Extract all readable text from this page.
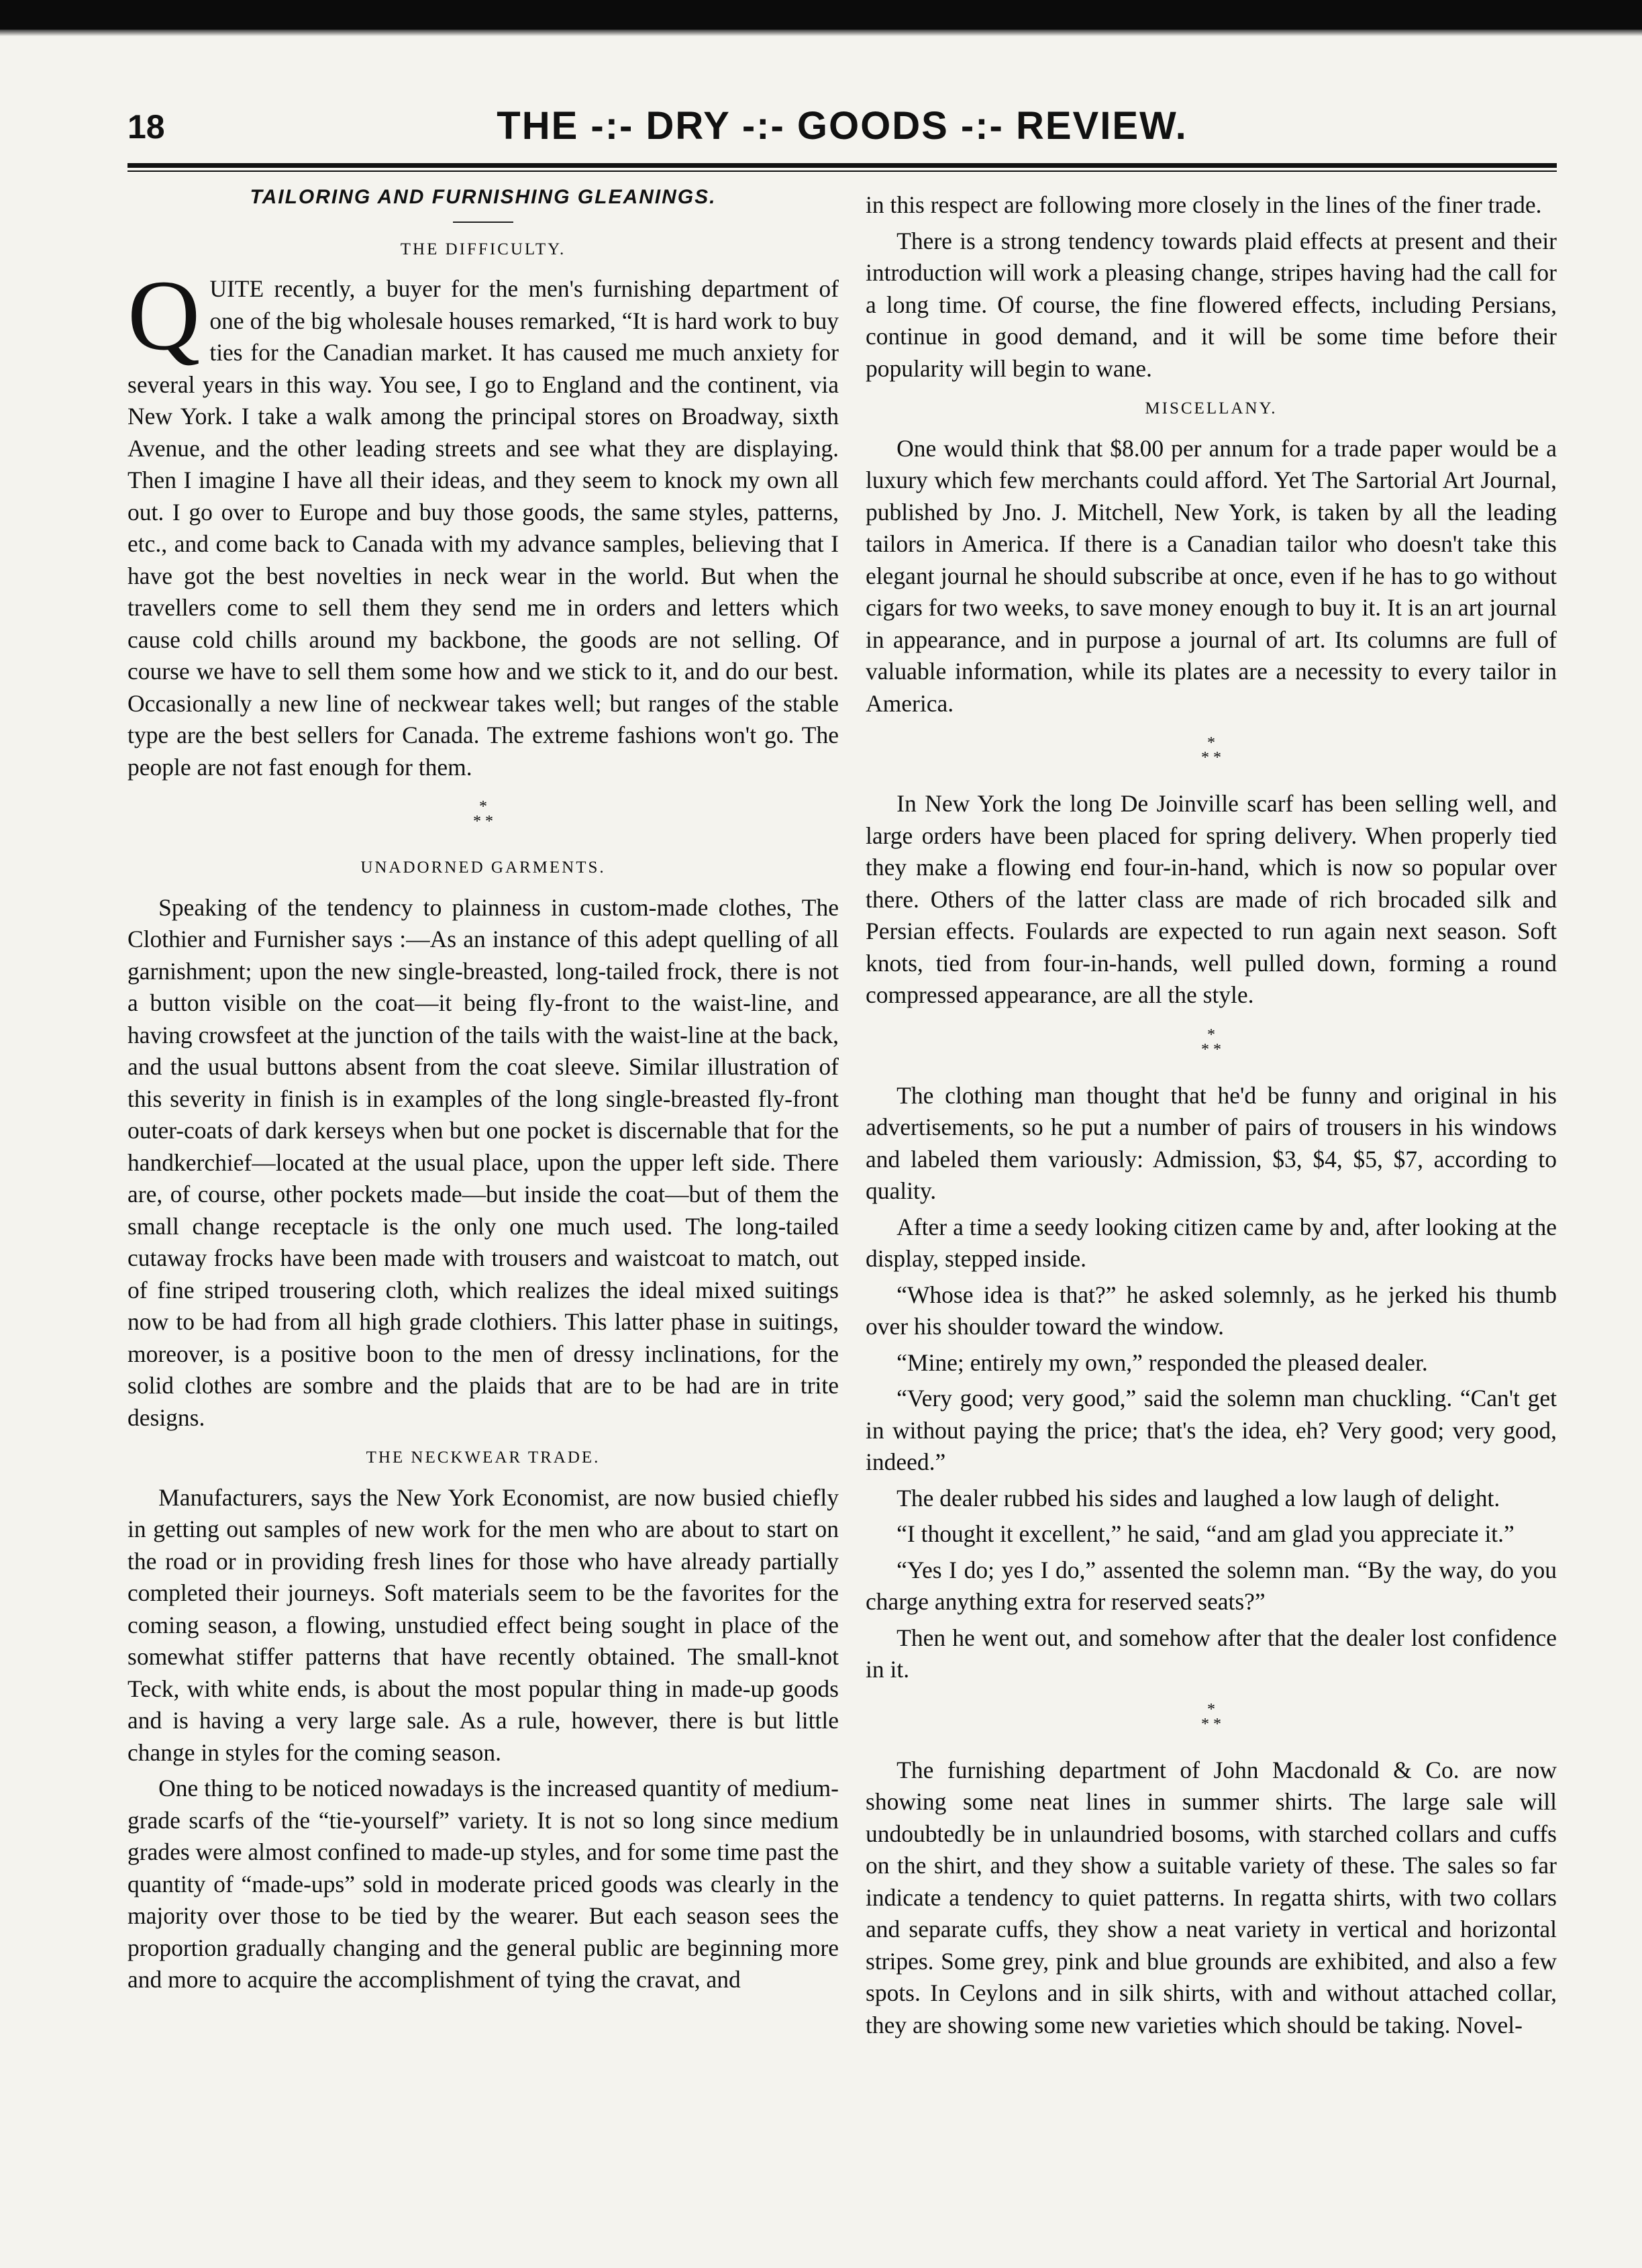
18	THE -:- DRY -:- GOODS -:- REVIEW.
TAILORING AND FURNISHING GLEANINGS.
THE DIFFICULTY.

QUITE recently, a buyer for the men's furnishing department of one of the big wholesale houses remarked, “It is hard work to buy ties for the Canadian market. It has caused me much anxiety for several years in this way. You see, I go to England and the continent, via New York. I take a walk among the principal stores on Broadway, sixth Avenue, and the other leading streets and see what they are displaying. Then I imagine I have all their ideas, and they seem to knock my own all out. I go over to Europe and buy those goods, the same styles, patterns, etc., and come back to Canada with my advance samples, believing that I have got the best novelties in neck wear in the world. But when the travellers come to sell them they send me in orders and letters which cause cold chills around my backbone, the goods are not selling. Of course we have to sell them some how and we stick to it, and do our best. Occasionally a new line of neckwear takes well; but ranges of the stable type are the best sellers for Canada. The extreme fashions won't go. The people are not fast enough for them.

*
* *
UNADORNED GARMENTS.

Speaking of the tendency to plainness in custom-made clothes, The Clothier and Furnisher says :—As an instance of this adept quelling of all garnishment; upon the new single-breasted, long-tailed frock, there is not a button visible on the coat—it being fly-front to the waist-line, and having crowsfeet at the junction of the tails with the waist-line at the back, and the usual buttons absent from the coat sleeve. Similar illustration of this severity in finish is in examples of the long single-breasted fly-front outer-coats of dark kerseys when but one pocket is discernable that for the handkerchief—located at the usual place, upon the upper left side. There are, of course, other pockets made—but inside the coat—but of them the small change receptacle is the only one much used. The long-tailed cutaway frocks have been made with trousers and waistcoat to match, out of fine striped trousering cloth, which realizes the ideal mixed suitings now to be had from all high grade clothiers. This latter phase in suitings, moreover, is a positive boon to the men of dressy inclinations, for the solid clothes are sombre and the plaids that are to be had are in trite designs.

THE NECKWEAR TRADE.

Manufacturers, says the New York Economist, are now busied chiefly in getting out samples of new work for the men who are about to start on the road or in providing fresh lines for those who have already partially completed their journeys. Soft materials seem to be the favorites for the coming season, a flowing, unstudied effect being sought in place of the somewhat stiffer patterns that have recently obtained. The small-knot Teck, with white ends, is about the most popular thing in made-up goods and is having a very large sale. As a rule, however, there is but little change in styles for the coming season.

One thing to be noticed nowadays is the increased quantity of medium-grade scarfs of the “tie-yourself” variety. It is not so long since medium grades were almost confined to made-up styles, and for some time past the quantity of “made-ups” sold in moderate priced goods was clearly in the majority over those to be tied by the wearer. But each season sees the proportion gradually changing and the general public are beginning more and more to acquire the accomplishment of tying the cravat, and

in this respect are following more closely in the lines of the finer trade.

There is a strong tendency towards plaid effects at present and their introduction will work a pleasing change, stripes having had the call for a long time. Of course, the fine flowered effects, including Persians, continue in good demand, and it will be some time before their popularity will begin to wane.

MISCELLANY.

One would think that $8.00 per annum for a trade paper would be a luxury which few merchants could afford. Yet The Sartorial Art Journal, published by Jno. J. Mitchell, New York, is taken by all the leading tailors in America. If there is a Canadian tailor who doesn't take this elegant journal he should subscribe at once, even if he has to go without cigars for two weeks, to save money enough to buy it. It is an art journal in appearance, and in purpose a journal of art. Its columns are full of valuable information, while its plates are a necessity to every tailor in America.

*
* *

In New York the long De Joinville scarf has been selling well, and large orders have been placed for spring delivery. When properly tied they make a flowing end four-in-hand, which is now so popular over there. Others of the latter class are made of rich brocaded silk and Persian effects. Foulards are expected to run again next season. Soft knots, tied from four-in-hands, well pulled down, forming a round compressed appearance, are all the style.

*
* *

The clothing man thought that he'd be funny and original in his advertisements, so he put a number of pairs of trousers in his windows and labeled them variously: Admission, $3, $4, $5, $7, according to quality.

After a time a seedy looking citizen came by and, after looking at the display, stepped inside.

“Whose idea is that?” he asked solemnly, as he jerked his thumb over his shoulder toward the window.

“Mine; entirely my own,” responded the pleased dealer.

“Very good; very good,” said the solemn man chuckling. “Can't get in without paying the price; that's the idea, eh? Very good; very good, indeed.”

The dealer rubbed his sides and laughed a low laugh of delight.

“I thought it excellent,” he said, “and am glad you appreciate it.”

“Yes I do; yes I do,” assented the solemn man. “By the way, do you charge anything extra for reserved seats?”

Then he went out, and somehow after that the dealer lost confidence in it.

*
* *

The furnishing department of John Macdonald & Co. are now showing some neat lines in summer shirts. The large sale will undoubtedly be in unlaundried bosoms, with starched collars and cuffs on the shirt, and they show a suitable variety of these. The sales so far indicate a tendency to quiet patterns. In regatta shirts, with two collars and separate cuffs, they show a neat variety in vertical and horizontal stripes. Some grey, pink and blue grounds are exhibited, and also a few spots. In Ceylons and in silk shirts, with and without attached collar, they are showing some new varieties which should be taking. Novel-
